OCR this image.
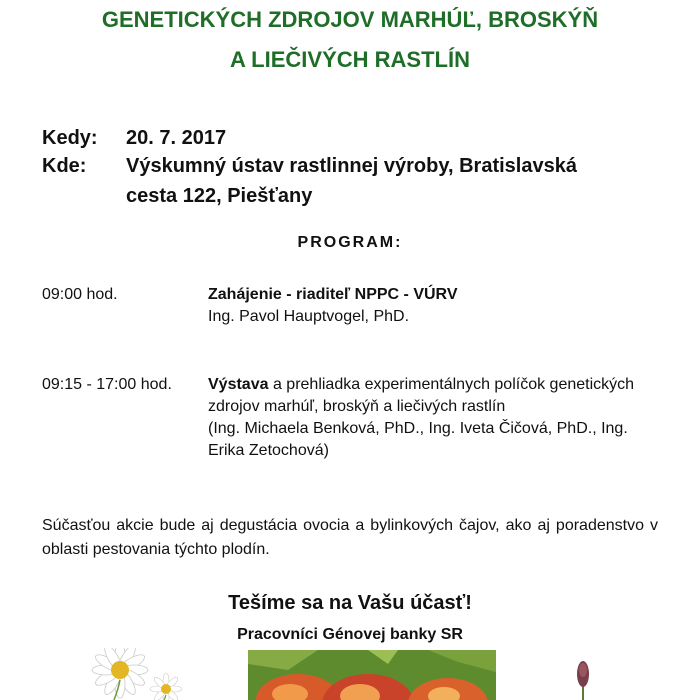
GENETICKÝCH ZDROJOV MARHÚĽ, BROSKÝŇ
A LIEČIVÝCH RASTLÍN
Kedy: 20. 7. 2017
Kde: Výskumný ústav rastlinnej výroby, Bratislavská
cesta 122, Piešťany
PROGRAM:
09:00 hod.	Zahájenie - riaditeľ NPPC - VÚRV
Ing. Pavol Hauptvogel, PhD.
09:15 - 17:00 hod. Výstava a prehliadka experimentálnych políčok genetických zdrojov marhúľ, broskýň a liečivých rastlín
(Ing. Michaela Benková, PhD., Ing. Iveta Čičová, PhD., Ing. Erika Zetochová)
Súčasťou akcie bude aj degustácia ovocia a bylinkových čajov, ako aj poradenstvo v oblasti pestovania týchto plodín.
Tešíme sa na Vašu účasť!
Pracovníci Génovej banky SR
